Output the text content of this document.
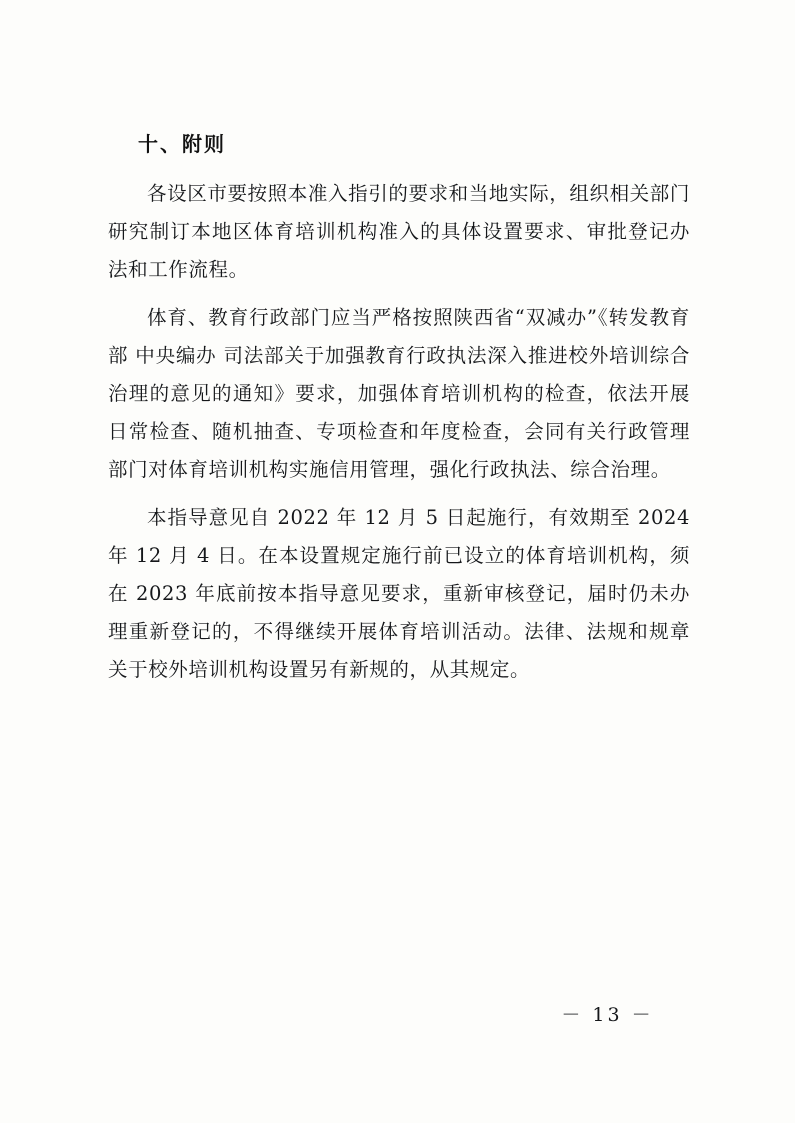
十、附则

各设区市要按照本准入指引的要求和当地实际，组织相关部门研究制订本地区体育培训机构准入的具体设置要求、审批登记办法和工作流程。

体育、教育行政部门应当严格按照陕西省“双减办”《转发教育部 中央编办 司法部关于加强教育行政执法深入推进校外培训综合治理的意见的通知》要求，加强体育培训机构的检查，依法开展日常检查、随机抽查、专项检查和年度检查，会同有关行政管理部门对体育培训机构实施信用管理，强化行政执法、综合治理。

本指导意见自 2022 年 12 月 5 日起施行，有效期至 2024 年 12 月 4 日。在本设置规定施行前已设立的体育培训机构，须在 2023 年底前按本指导意见要求，重新审核登记，届时仍未办理重新登记的，不得继续开展体育培训活动。法律、法规和规章关于校外培训机构设置另有新规的，从其规定。

－ 13 －
